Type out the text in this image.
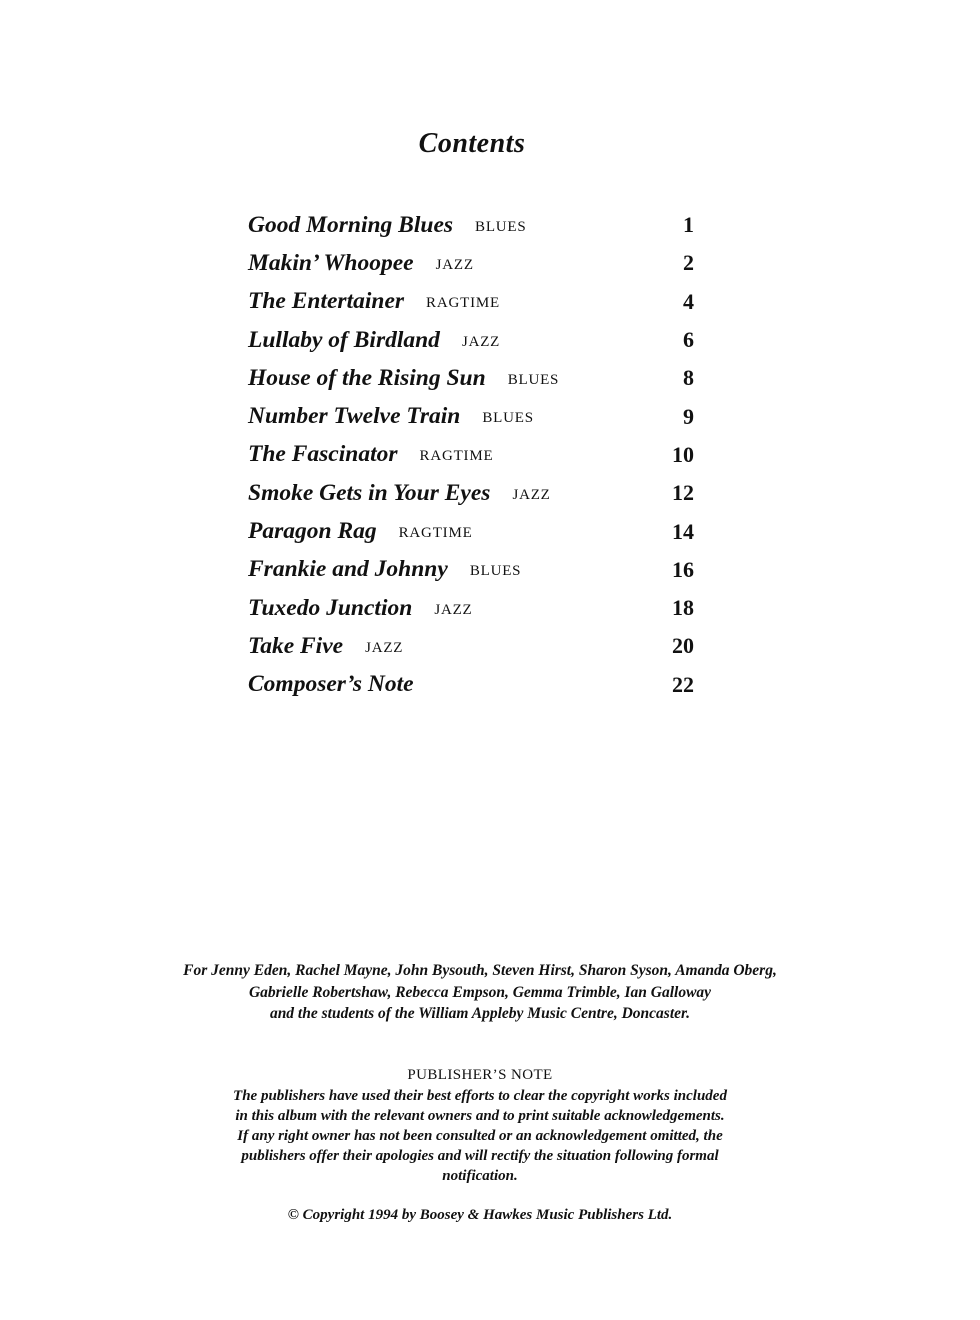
Contents
Good Morning Blues BLUES	1
Makin’ Whoopee JAZZ	2
The Entertainer RAGTIME	4
Lullaby of Birdland JAZZ	6
House of the Rising Sun BLUES	8
Number Twelve Train BLUES	9
The Fascinator RAGTIME	10
Smoke Gets in Your Eyes JAZZ	12
Paragon Rag RAGTIME	14
Frankie and Johnny BLUES	16
Tuxedo Junction JAZZ	18
Take Five JAZZ	20
Composer’s Note	22
For Jenny Eden, Rachel Mayne, John Bysouth, Steven Hirst, Sharon Syson, Amanda Oberg,
Gabrielle Robertshaw, Rebecca Empson, Gemma Trimble, Ian Galloway
and the students of the William Appleby Music Centre, Doncaster.
PUBLISHER’S NOTE
The publishers have used their best efforts to clear the copyright works included
in this album with the relevant owners and to print suitable acknowledgements.
If any right owner has not been consulted or an acknowledgement omitted, the
publishers offer their apologies and will rectify the situation following formal
notification.
© Copyright 1994 by Boosey & Hawkes Music Publishers Ltd.
